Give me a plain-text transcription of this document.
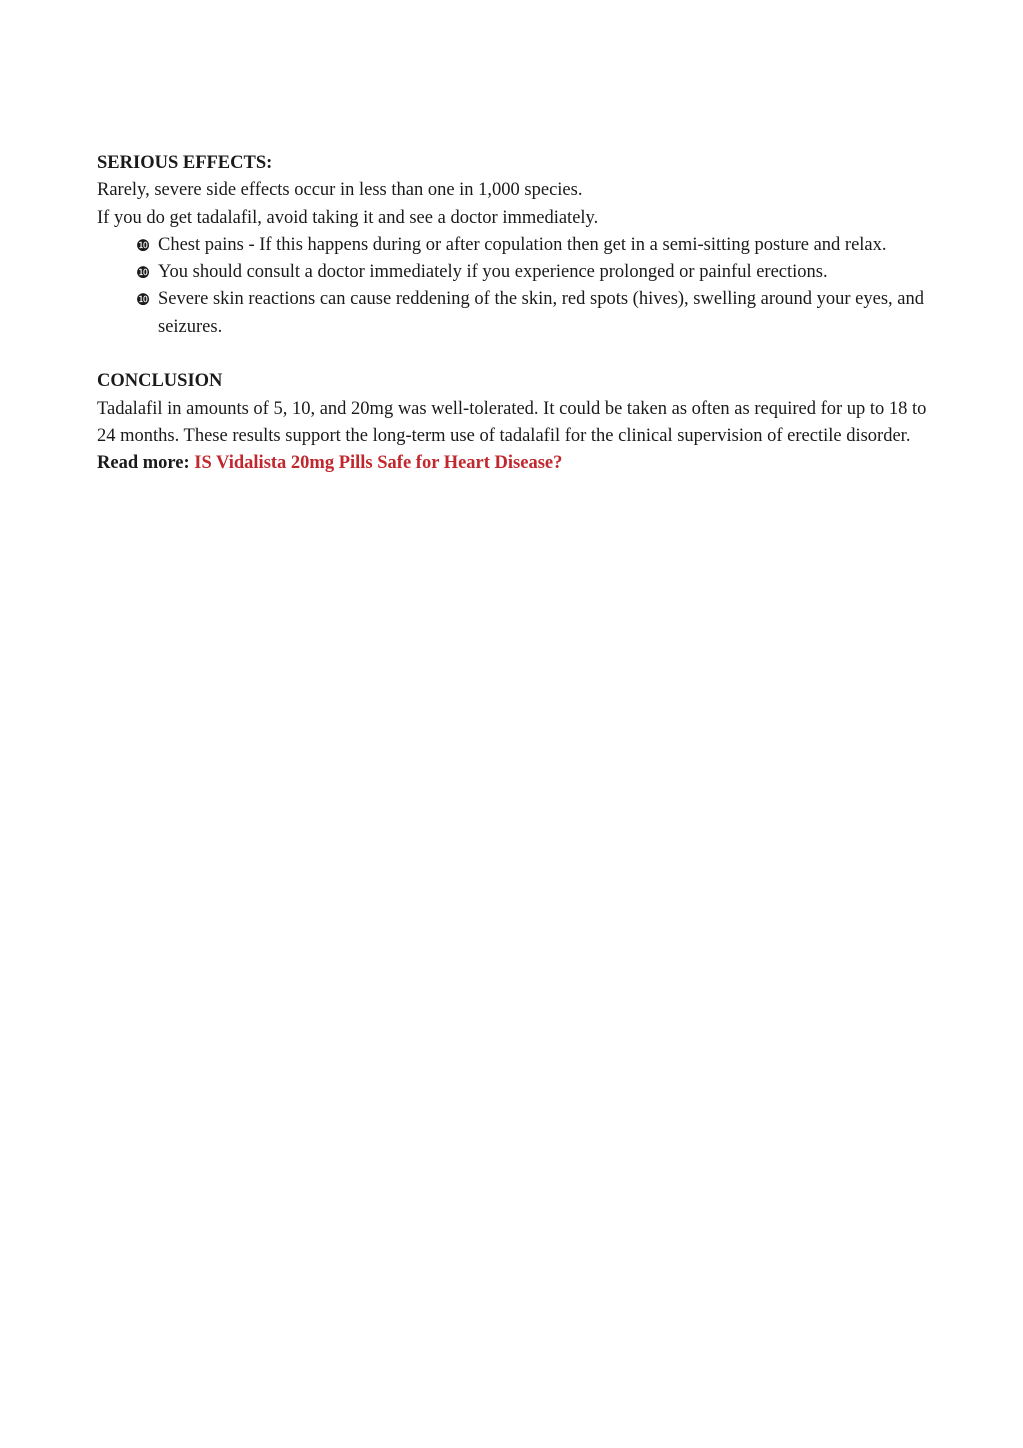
SERIOUS EFFECTS:

Rarely, severe side effects occur in less than one in 1,000 species.

If you do get tadalafil, avoid taking it and see a doctor immediately.

❿ Chest pains - If this happens during or after copulation then get in a semi-sitting posture and relax.
❿ You should consult a doctor immediately if you experience prolonged or painful erections.
❿ Severe skin reactions can cause reddening of the skin, red spots (hives), swelling around your eyes, and seizures.

CONCLUSION

Tadalafil in amounts of 5, 10, and 20mg was well-tolerated. It could be taken as often as required for up to 18 to 24 months. These results support the long-term use of tadalafil for the clinical supervision of erectile disorder.

Read more: IS Vidalista 20mg Pills Safe for Heart Disease?
